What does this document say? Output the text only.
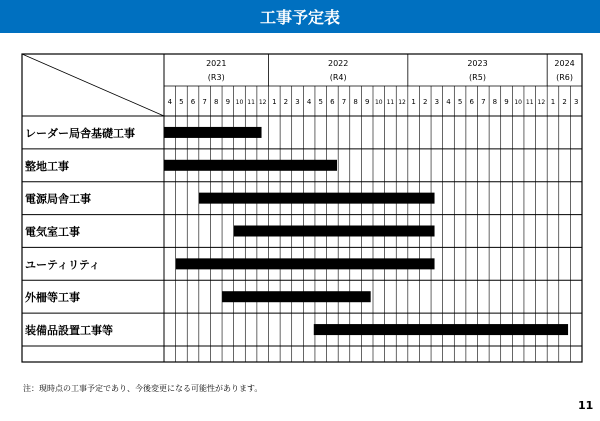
工事予定表
2021
(R3)
2022
(R4)
2023
(R5)
2024
(R6)
4 5 6 7 8 9 10 11 12 1 2 3 4 5 6 7 8 9 10 11 12 1 2 3 4 5 6 7 8 9 10 11 12 1 2 3
レーダー局舎基礎工事
整地工事
電源局舎工事
電気室工事
ユーティリティ
外柵等工事
装備品設置工事等
注：現時点の工事予定であり、今後変更になる可能性があります。
11
